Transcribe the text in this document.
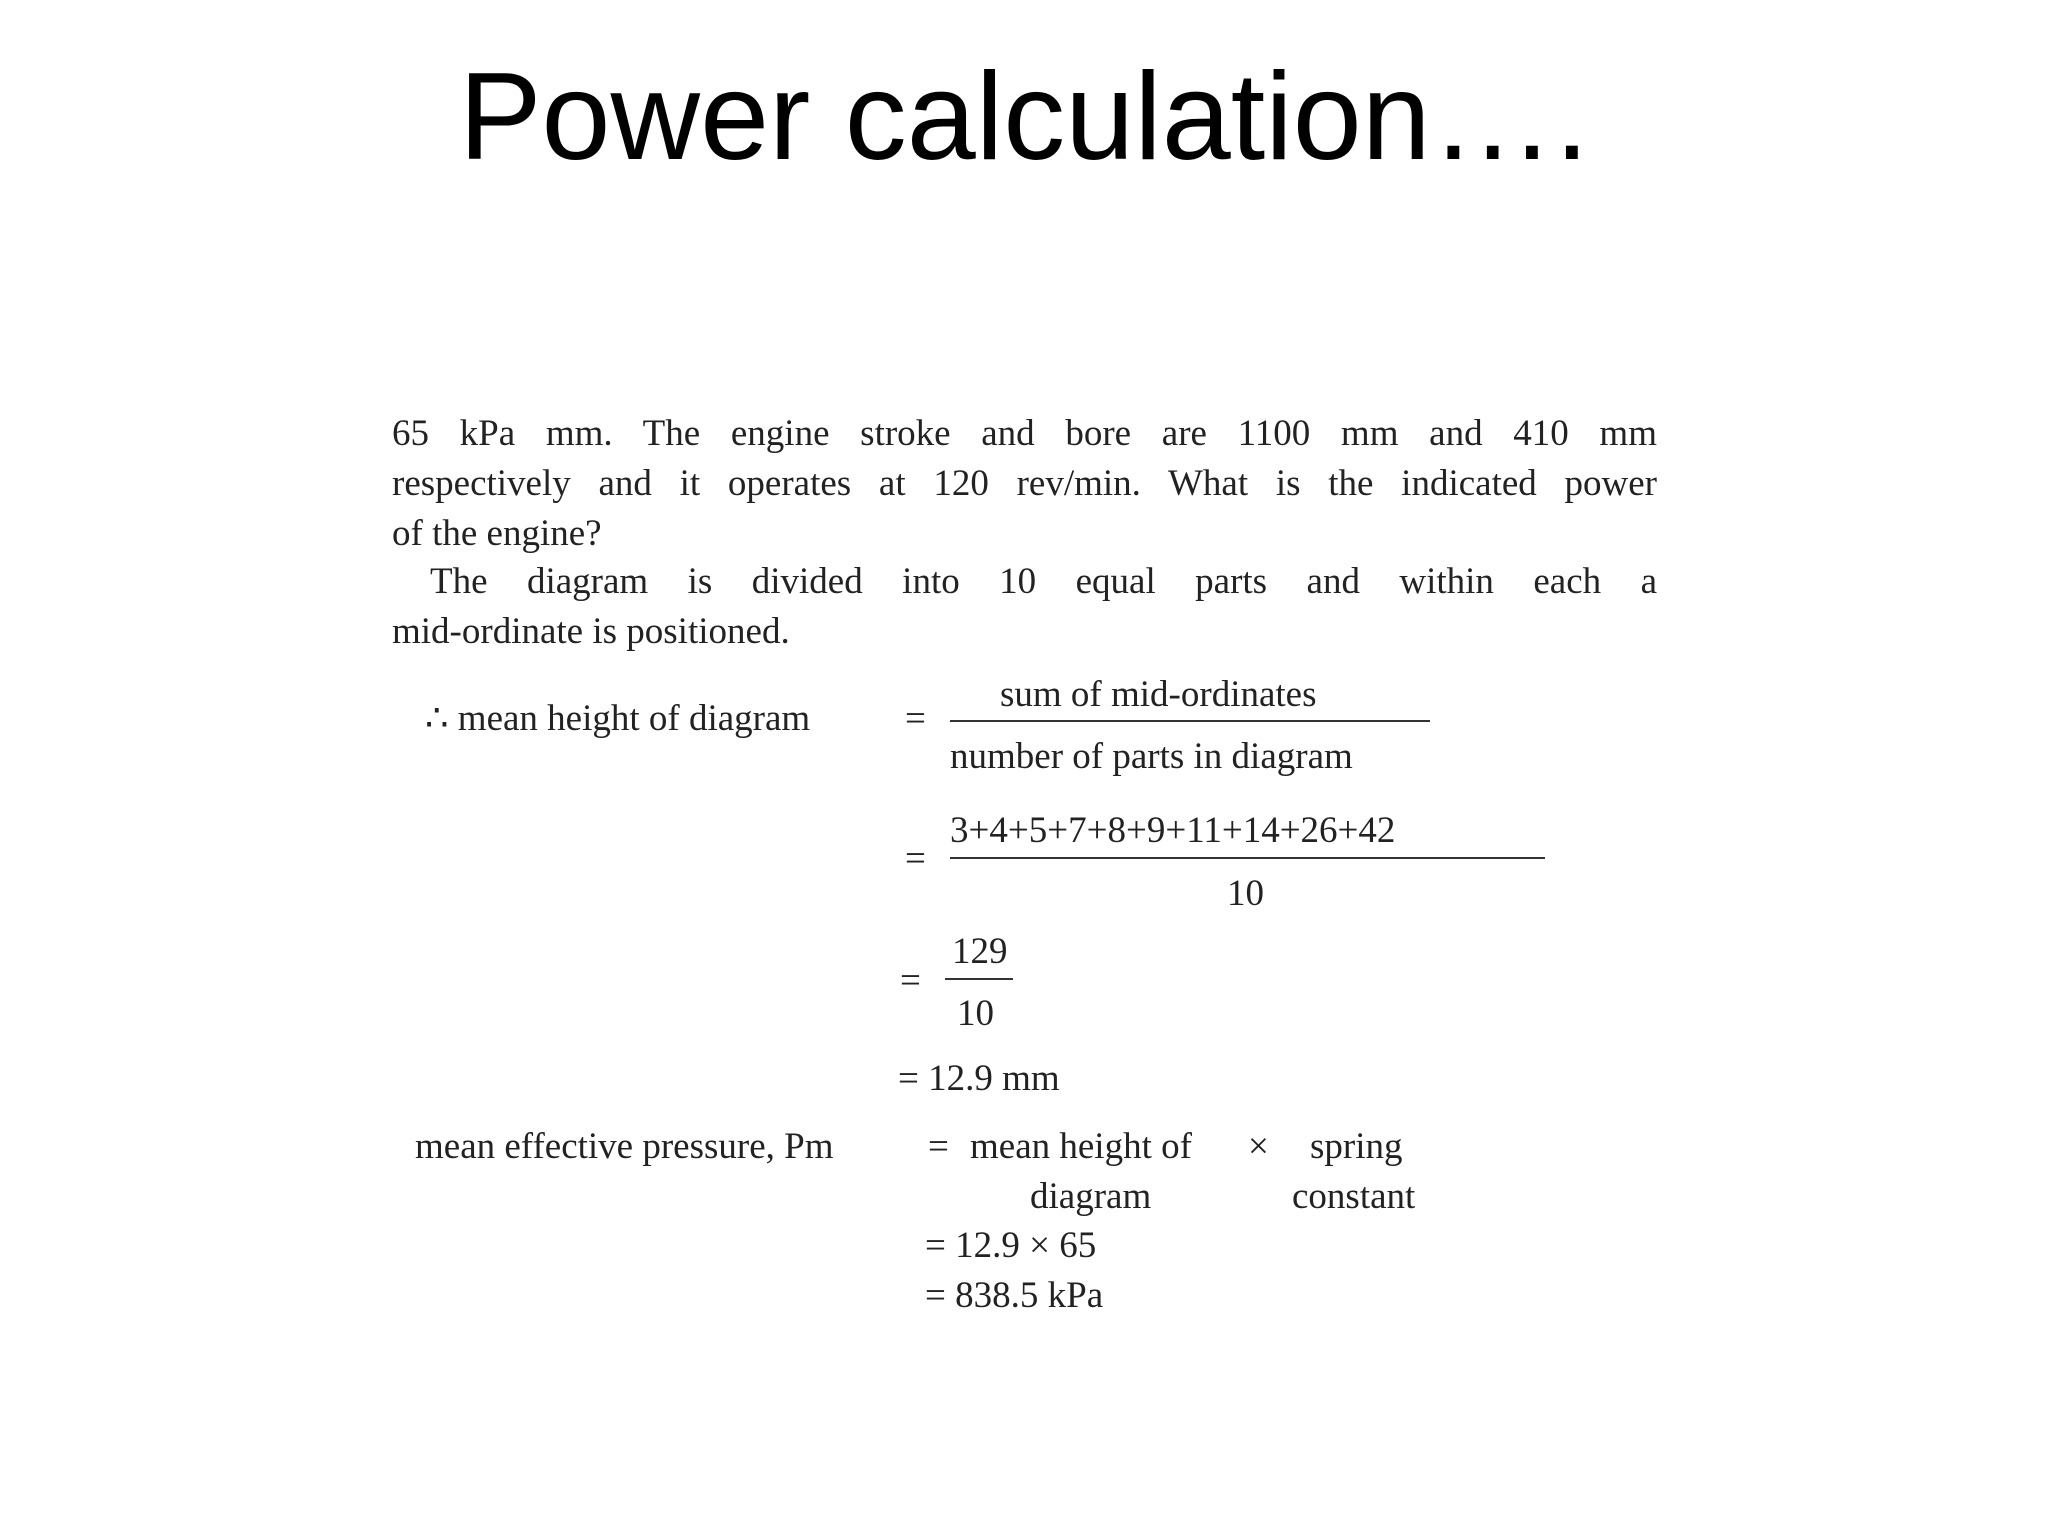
Power calculation….
65 kPa mm. The engine stroke and bore are 1100 mm and 410 mm
respectively and it operates at 120 rev/min. What is the indicated power
of the engine?
The diagram is divided into 10 equal parts and within each a
mid-ordinate is positioned.
∴ mean height of diagram	=
sum of mid-ordinates
number of parts in diagram
=
3+4+5+7+8+9+11+14+26+42
10
=
129
10
= 12.9 mm
mean effective pressure, Pm	= mean height of × spring
diagram	constant
= 12.9 × 65
= 838.5 kPa
